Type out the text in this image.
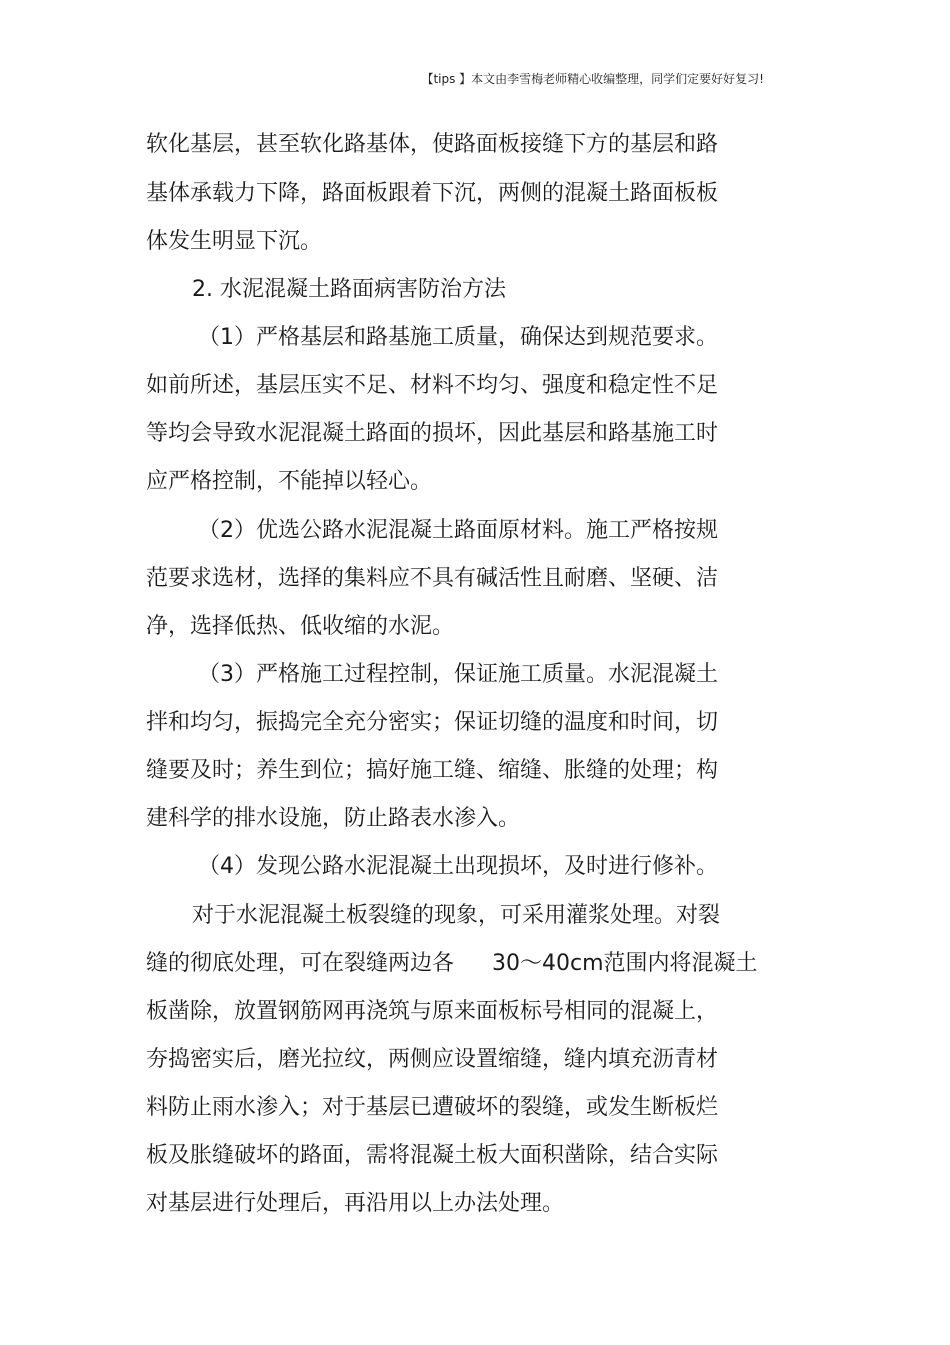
【tips 】本文由李雪梅老师精心收编整理，同学们定要好好复习!
软化基层，甚至软化路基体，使路面板接缝下方的基层和路
基体承载力下降，路面板跟着下沉，两侧的混凝土路面板板
体发生明显下沉。
2. 水泥混凝土路面病害防治方法
（1）严格基层和路基施工质量，确保达到规范要求。
如前所述，基层压实不足、材料不均匀、强度和稳定性不足
等均会导致水泥混凝土路面的损坏，因此基层和路基施工时
应严格控制，不能掉以轻心。
（2）优选公路水泥混凝土路面原材料。施工严格按规
范要求选材，选择的集料应不具有碱活性且耐磨、坚硬、洁
净，选择低热、低收缩的水泥。
（3）严格施工过程控制，保证施工质量。水泥混凝土
拌和均匀，振捣完全充分密实；保证切缝的温度和时间，切
缝要及时；养生到位；搞好施工缝、缩缝、胀缝的处理；构
建科学的排水设施，防止路表水渗入。
（4）发现公路水泥混凝土出现损坏，及时进行修补。
对于水泥混凝土板裂缝的现象，可采用灌浆处理。对裂
缝的彻底处理，可在裂缝两边各 30～40cm范围内将混凝土
板凿除，放置钢筋网再浇筑与原来面板标号相同的混凝上，
夯捣密实后，磨光拉纹，两侧应设置缩缝，缝内填充沥青材
料防止雨水渗入；对于基层已遭破坏的裂缝，或发生断板烂
板及胀缝破坏的路面，需将混凝土板大面积凿除，结合实际
对基层进行处理后，再沿用以上办法处理。
